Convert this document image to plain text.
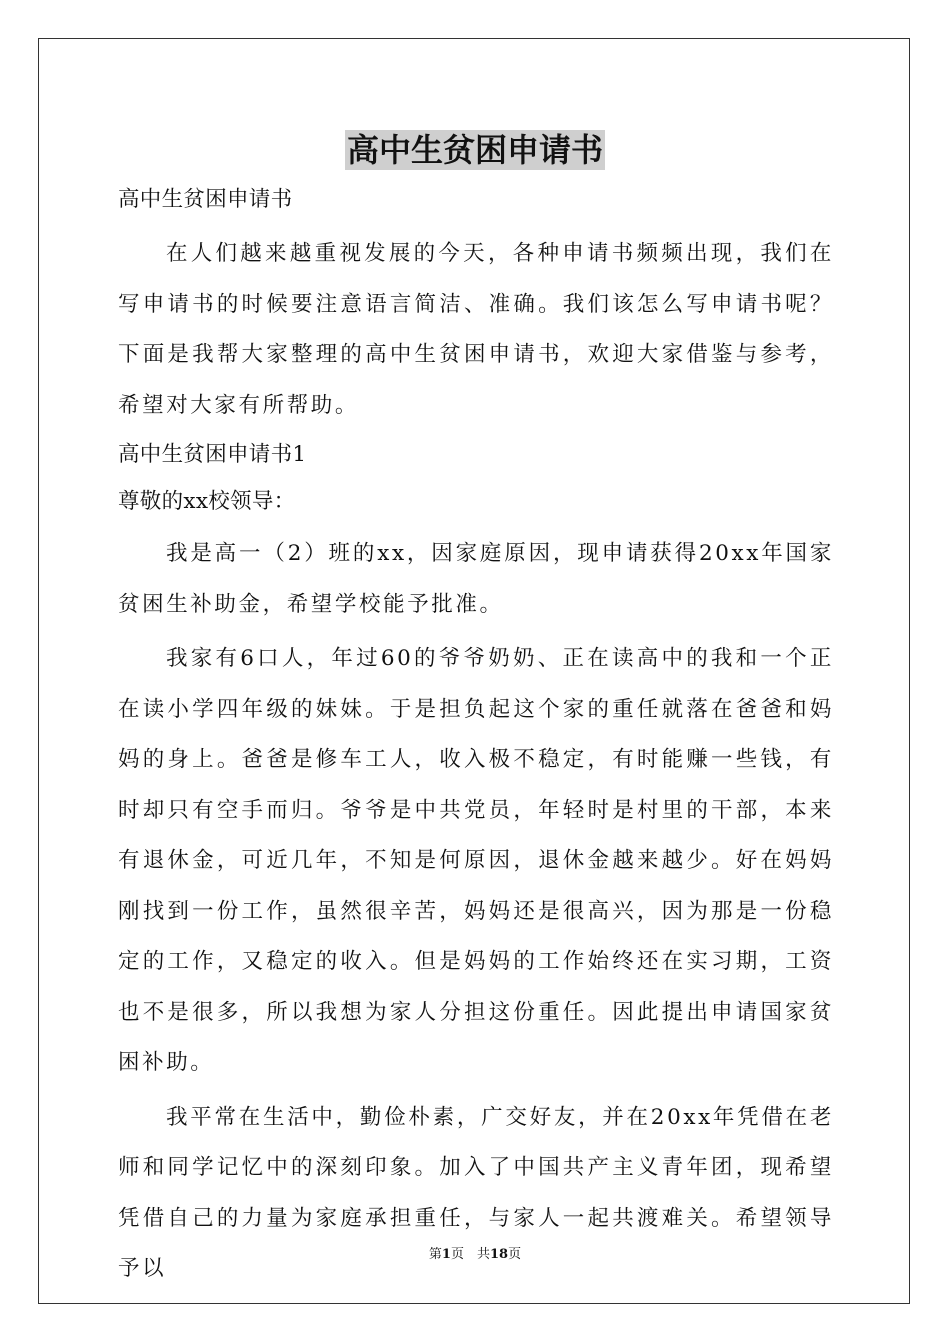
高中生贫困申请书
高中生贫困申请书

在人们越来越重视发展的今天，各种申请书频频出现，我们在写申请书的时候要注意语言简洁、准确。我们该怎么写申请书呢？下面是我帮大家整理的高中生贫困申请书，欢迎大家借鉴与参考，希望对大家有所帮助。

高中生贫困申请书1
尊敬的xx校领导：

我是高一（2）班的xx，因家庭原因，现申请获得20xx年国家贫困生补助金，希望学校能予批准。

我家有6口人，年过60的爷爷奶奶、正在读高中的我和一个正在读小学四年级的妹妹。于是担负起这个家的重任就落在爸爸和妈妈的身上。爸爸是修车工人，收入极不稳定，有时能赚一些钱，有时却只有空手而归。爷爷是中共党员，年轻时是村里的干部，本来有退休金，可近几年，不知是何原因，退休金越来越少。好在妈妈刚找到一份工作，虽然很辛苦，妈妈还是很高兴，因为那是一份稳定的工作，又稳定的收入。但是妈妈的工作始终还在实习期，工资也不是很多，所以我想为家人分担这份重任。因此提出申请国家贫困补助。

我平常在生活中，勤俭朴素，广交好友，并在20xx年凭借在老师和同学记忆中的深刻印象。加入了中国共产主义青年团，现希望凭借自己的力量为家庭承担重任，与家人一起共渡难关。希望领导予以

第1页　共18页
